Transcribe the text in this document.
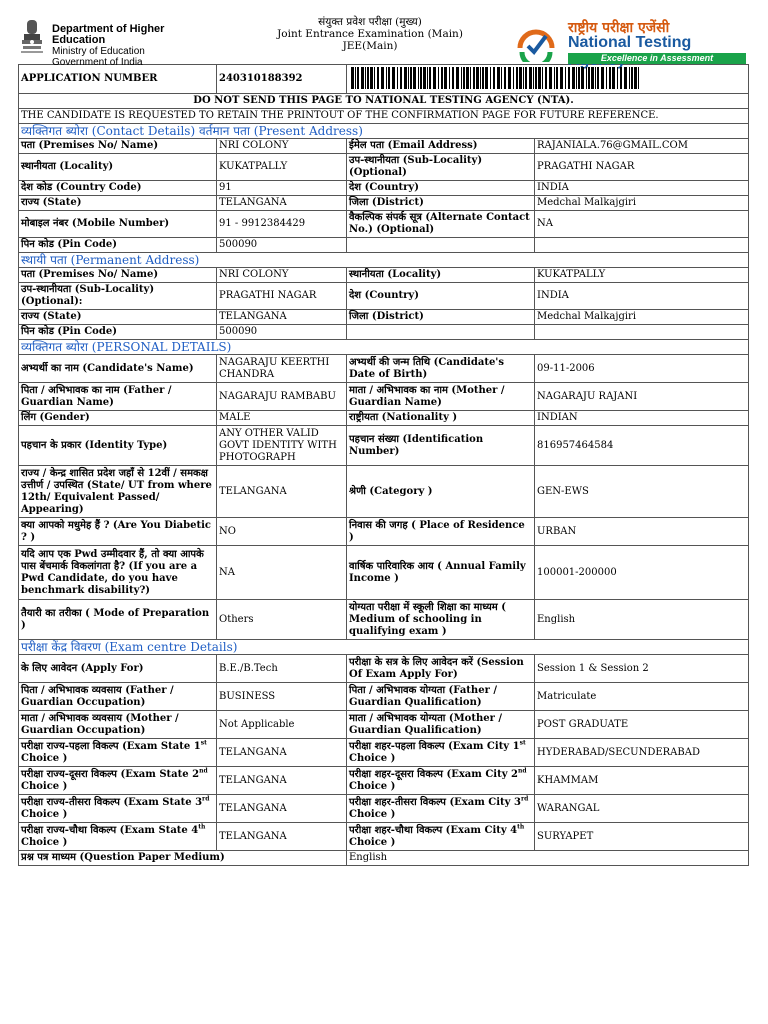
Department of Higher Education
Ministry of Education
Government of India
संयुक्त प्रवेश परीक्षा (मुख्य)
Joint Entrance Examination (Main)
JEE(Main)
राष्ट्रीय परीक्षा एजेंसी
National Testing
Excellence in Assessment
APPLICATION NUMBER	240310188392	

DO NOT SEND THIS PAGE TO NATIONAL TESTING AGENCY (NTA).			
THE CANDIDATE IS REQUESTED TO RETAIN THE PRINTOUT OF THE CONFIRMATION PAGE FOR FUTURE REFERENCE.			
व्यक्तिगत ब्योरा (Contact Details) वर्तमान पता (Present Address)			
पता (Premises No/ Name)	NRI COLONY	ईमेल पता (Email Address)	RAJANIALA.76@GMAIL.COM
स्थानीयता (Locality)	KUKATPALLY	उप-स्थानीयता (Sub-Locality)(Optional)	PRAGATHI NAGAR
देश कोड (Country Code)	91	देश (Country)	INDIA
राज्य (State)	TELANGANA	जिला (District)	Medchal Malkajgiri
मोबाइल नंबर (Mobile Number)	91 - 9912384429	वैकल्पिक संपर्क सूत्र (Alternate Contact No.) (Optional)	NA
पिन कोड (Pin Code)	500090		
स्थायी पता (Permanent Address)			
पता (Premises No/ Name)	NRI COLONY	स्थानीयता (Locality)	KUKATPALLY
उप-स्थानीयता (Sub-Locality)(Optional):	PRAGATHI NAGAR	देश (Country)	INDIA
राज्य (State)	TELANGANA	जिला (District)	Medchal Malkajgiri
पिन कोड (Pin Code)	500090		
व्यक्तिगत ब्योरा (PERSONAL DETAILS)			
अभ्यर्थी का नाम (Candidate's Name)	NAGARAJU KEERTHI CHANDRA	अभ्यर्थी की जन्म तिथि (Candidate's Date of Birth)	09-11-2006
पिता / अभिभावक का नाम (Father / Guardian Name)	NAGARAJU RAMBABU	माता / अभिभावक का नाम (Mother / Guardian Name)	NAGARAJU RAJANI
लिंग (Gender)	MALE	राष्ट्रीयता (Nationality )	INDIAN
पहचान के प्रकार (Identity Type)	ANY OTHER VALID GOVT IDENTITY WITH PHOTOGRAPH	पहचान संख्या (Identification Number)	816957464584
राज्य / केन्द्र शासित प्रदेश जहाँ से 12वीं / समकक्ष उत्तीर्ण / उपस्थित (State/ UT from where 12th/ Equivalent Passed/ Appearing)	TELANGANA	श्रेणी (Category )	GEN-EWS
क्या आपको मधुमेह हैं ? (Are You Diabetic ? )	NO	निवास की जगह ( Place of Residence )	URBAN
यदि आप एक Pwd उम्मीदवार हैं, तो क्या आपके पास बेंचमार्क विकलांगता है? (If you are a Pwd Candidate, do you have benchmark disability?)	NA	वार्षिक पारिवारिक आय ( Annual Family Income )	100001-200000
तैयारी का तरीका ( Mode of Preparation )	Others	योग्यता परीक्षा में स्कूली शिक्षा का माध्यम ( Medium of schooling in qualifying exam )	English
परीक्षा केंद्र विवरण (Exam centre Details)			
के लिए आवेदन (Apply For)	B.E./B.Tech	परीक्षा के सत्र के लिए आवेदन करें (Session Of Exam Apply For)	Session 1 & Session 2
पिता / अभिभावक व्यवसाय (Father / Guardian Occupation)	BUSINESS	पिता / अभिभावक योग्यता (Father / Guardian Qualification)	Matriculate
माता / अभिभावक व्यवसाय (Mother / Guardian Occupation)	Not Applicable	माता / अभिभावक योग्यता (Mother / Guardian Qualification)	POST GRADUATE
परीक्षा राज्य-पहला विकल्प (Exam State 1st Choice )	TELANGANA	परीक्षा शहर-पहला विकल्प (Exam City 1st Choice )	HYDERABAD/SECUNDERABAD
परीक्षा राज्य-दूसरा विकल्प (Exam State 2nd Choice )	TELANGANA	परीक्षा शहर-दूसरा विकल्प (Exam City 2nd Choice )	KHAMMAM
परीक्षा राज्य-तीसरा विकल्प (Exam State 3rd Choice )	TELANGANA	परीक्षा शहर-तीसरा विकल्प (Exam City 3rd Choice )	WARANGAL
परीक्षा राज्य-चौथा विकल्प (Exam State 4th Choice )	TELANGANA	परीक्षा शहर-चौथा विकल्प (Exam City 4th Choice )	SURYAPET
प्रश्न पत्र माध्यम (Question Paper Medium)		English	
